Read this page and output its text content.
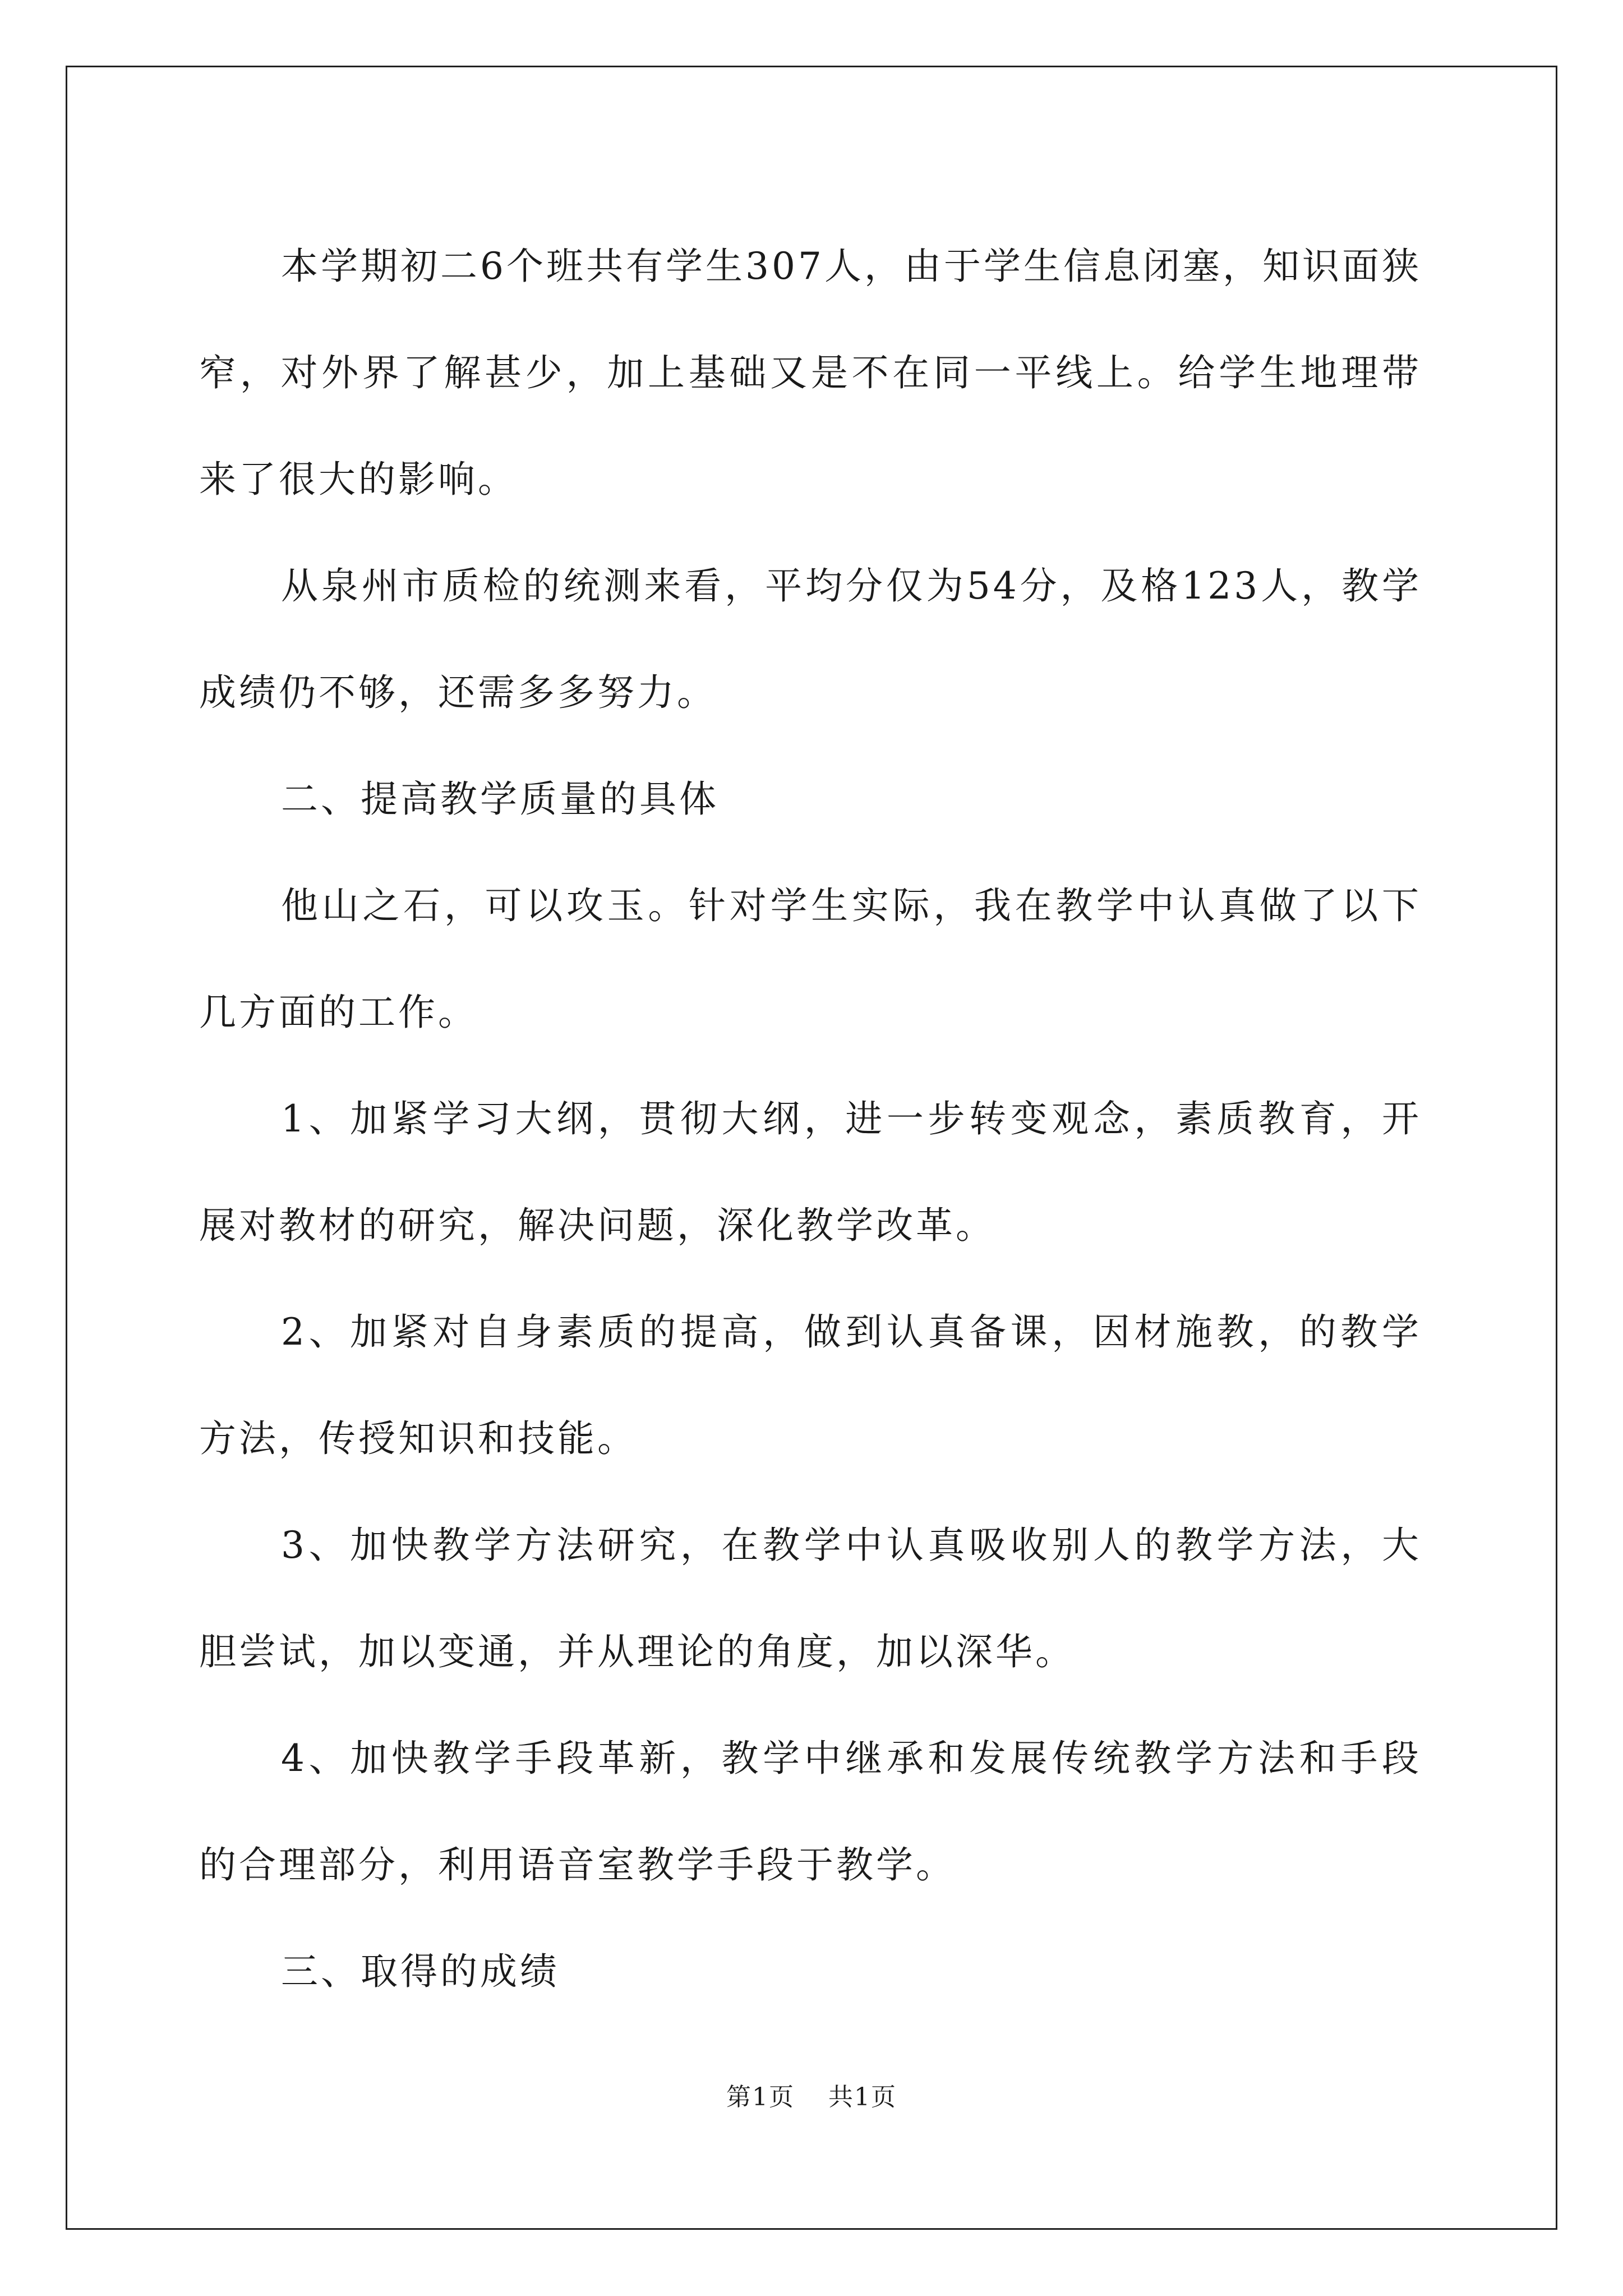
本学期初二6个班共有学生307人，由于学生信息闭塞，知识面狭窄，对外界了解甚少，加上基础又是不在同一平线上。给学生地理带来了很大的影响。

从泉州市质检的统测来看，平均分仅为54分，及格123人，教学成绩仍不够，还需多多努力。

二、提高教学质量的具体

他山之石，可以攻玉。针对学生实际，我在教学中认真做了以下几方面的工作。

1、加紧学习大纲，贯彻大纲，进一步转变观念，素质教育，开展对教材的研究，解决问题，深化教学改革。

2、加紧对自身素质的提高，做到认真备课，因材施教，的教学方法，传授知识和技能。

3、加快教学方法研究，在教学中认真吸收别人的教学方法，大胆尝试，加以变通，并从理论的角度，加以深华。

4、加快教学手段革新，教学中继承和发展传统教学方法和手段的合理部分，利用语音室教学手段于教学。

三、取得的成绩

第1页 共1页
